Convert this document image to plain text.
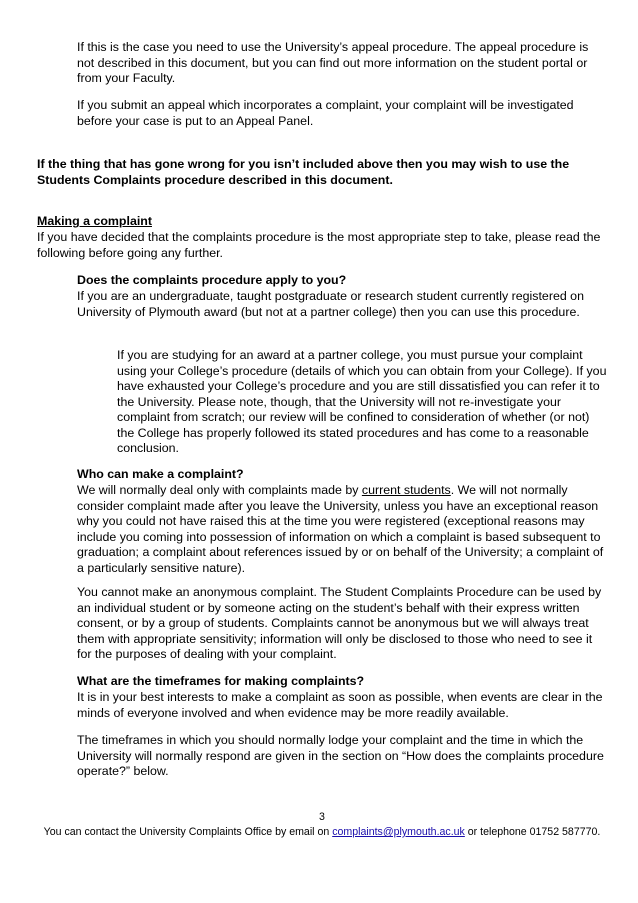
If this is the case you need to use the University’s appeal procedure. The appeal procedure is not described in this document, but you can find out more information on the student portal or from your Faculty.

If you submit an appeal which incorporates a complaint, your complaint will be investigated before your case is put to an Appeal Panel.

If the thing that has gone wrong for you isn’t included above then you may wish to use the Students Complaints procedure described in this document.

Making a complaint

If you have decided that the complaints procedure is the most appropriate step to take, please read the following before going any further.

Does the complaints procedure apply to you?

If you are an undergraduate, taught postgraduate or research student currently registered on University of Plymouth award (but not at a partner college) then you can use this procedure.

If you are studying for an award at a partner college, you must pursue your complaint using your College’s procedure (details of which you can obtain from your College). If you have exhausted your College’s procedure and you are still dissatisfied you can refer it to the University. Please note, though, that the University will not re-investigate your complaint from scratch; our review will be confined to consideration of whether (or not) the College has properly followed its stated procedures and has come to a reasonable conclusion.

Who can make a complaint?

We will normally deal only with complaints made by current students. We will not normally consider complaint made after you leave the University, unless you have an exceptional reason why you could not have raised this at the time you were registered (exceptional reasons may include you coming into possession of information on which a complaint is based subsequent to graduation; a complaint about references issued by or on behalf of the University; a complaint of a particularly sensitive nature).

You cannot make an anonymous complaint. The Student Complaints Procedure can be used by an individual student or by someone acting on the student’s behalf with their express written consent, or by a group of students. Complaints cannot be anonymous but we will always treat them with appropriate sensitivity; information will only be disclosed to those who need to see it for the purposes of dealing with your complaint.

What are the timeframes for making complaints?

It is in your best interests to make a complaint as soon as possible, when events are clear in the minds of everyone involved and when evidence may be more readily available.

The timeframes in which you should normally lodge your complaint and the time in which the University will normally respond are given in the section on “How does the complaints procedure operate?” below.

3
You can contact the University Complaints Office by email on complaints@plymouth.ac.uk or telephone 01752 587770.
